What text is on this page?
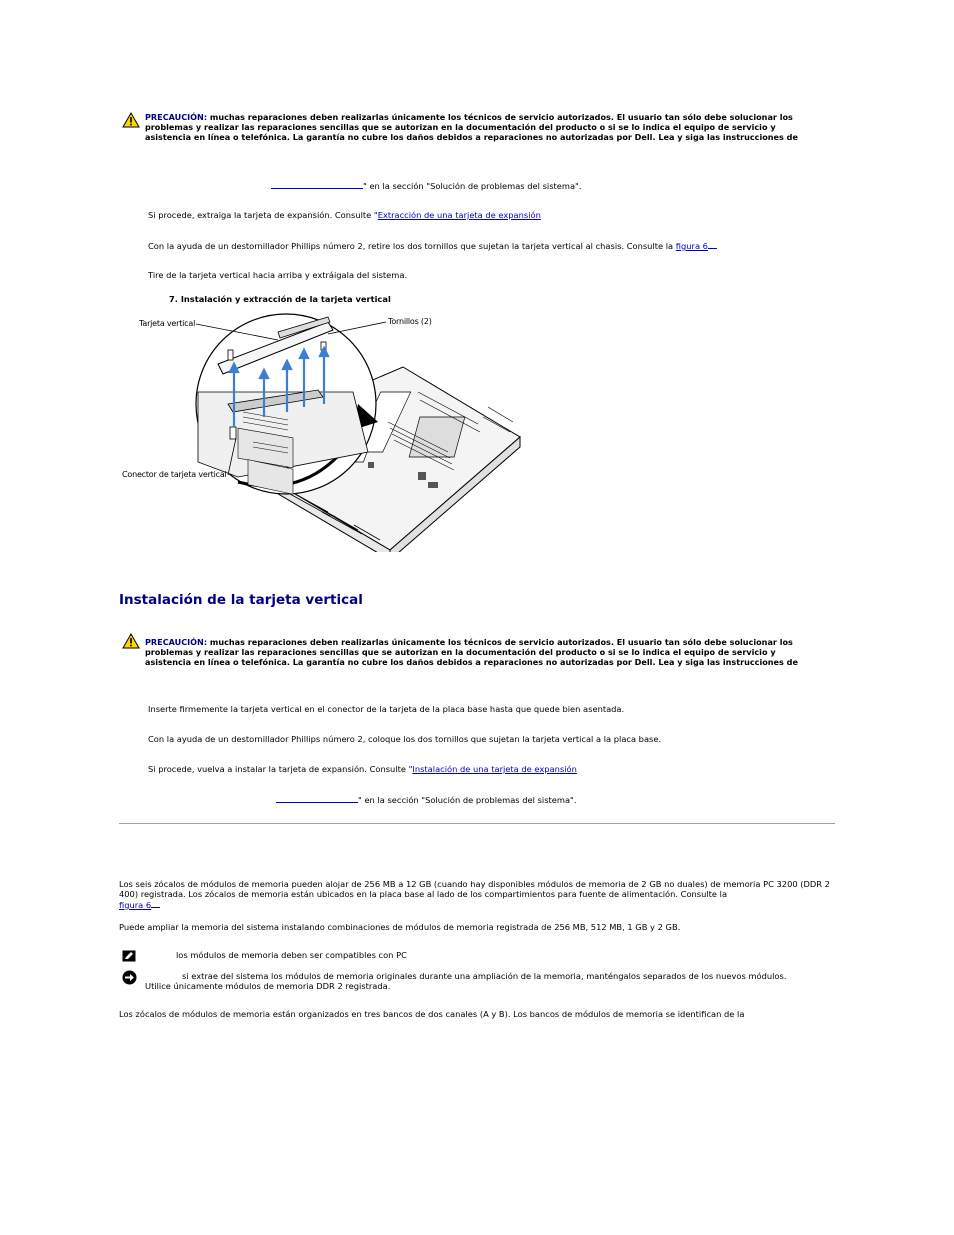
PRECAUCIÓN: muchas reparaciones deben realizarlas únicamente los técnicos de servicio autorizados. El usuario tan sólo debe solucionar los problemas y realizar las reparaciones sencillas que se autorizan en la documentación del producto o si se lo indica el equipo de servicio y asistencia en línea o telefónica. La garantía no cubre los daños debidos a reparaciones no autorizadas por Dell. Lea y siga las instrucciones de
" en la sección "Solución de problemas del sistema".
Si procede, extraiga la tarjeta de expansión. Consulte "Extracción de una tarjeta de expansión
Con la ayuda de un destornillador Phillips número 2, retire los dos tornillos que sujetan la tarjeta vertical al chasis. Consulte la figura 6
Tire de la tarjeta vertical hacia arriba y extráigala del sistema.
7. Instalación y extracción de la tarjeta vertical
Tarjeta vertical	Tornillos (2)
Conector de tarjeta vertical
Instalación de la tarjeta vertical
PRECAUCIÓN: muchas reparaciones deben realizarlas únicamente los técnicos de servicio autorizados. El usuario tan sólo debe solucionar los problemas y realizar las reparaciones sencillas que se autorizan en la documentación del producto o si se lo indica el equipo de servicio y asistencia en línea o telefónica. La garantía no cubre los daños debidos a reparaciones no autorizadas por Dell. Lea y siga las instrucciones de
Inserte firmemente la tarjeta vertical en el conector de la tarjeta de la placa base hasta que quede bien asentada.
Con la ayuda de un destornillador Phillips número 2, coloque los dos tornillos que sujetan la tarjeta vertical a la placa base.
Si procede, vuelva a instalar la tarjeta de expansión. Consulte "Instalación de una tarjeta de expansión
" en la sección "Solución de problemas del sistema".
Los seis zócalos de módulos de memoria pueden alojar de 256 MB a 12 GB (cuando hay disponibles módulos de memoria de 2 GB no duales) de memoria PC 3200 (DDR 2 400) registrada. Los zócalos de memoria están ubicados en la placa base al lado de los compartimientos para fuente de alimentación. Consulte la
figura 6
Puede ampliar la memoria del sistema instalando combinaciones de módulos de memoria registrada de 256 MB, 512 MB, 1 GB y 2 GB.
los módulos de memoria deben ser compatibles con PC
si extrae del sistema los módulos de memoria originales durante una ampliación de la memoria, manténgalos separados de los nuevos módulos. Utilice únicamente módulos de memoria DDR 2 registrada.
Los zócalos de módulos de memoria están organizados en tres bancos de dos canales (A y B). Los bancos de módulos de memoria se identifican de la
